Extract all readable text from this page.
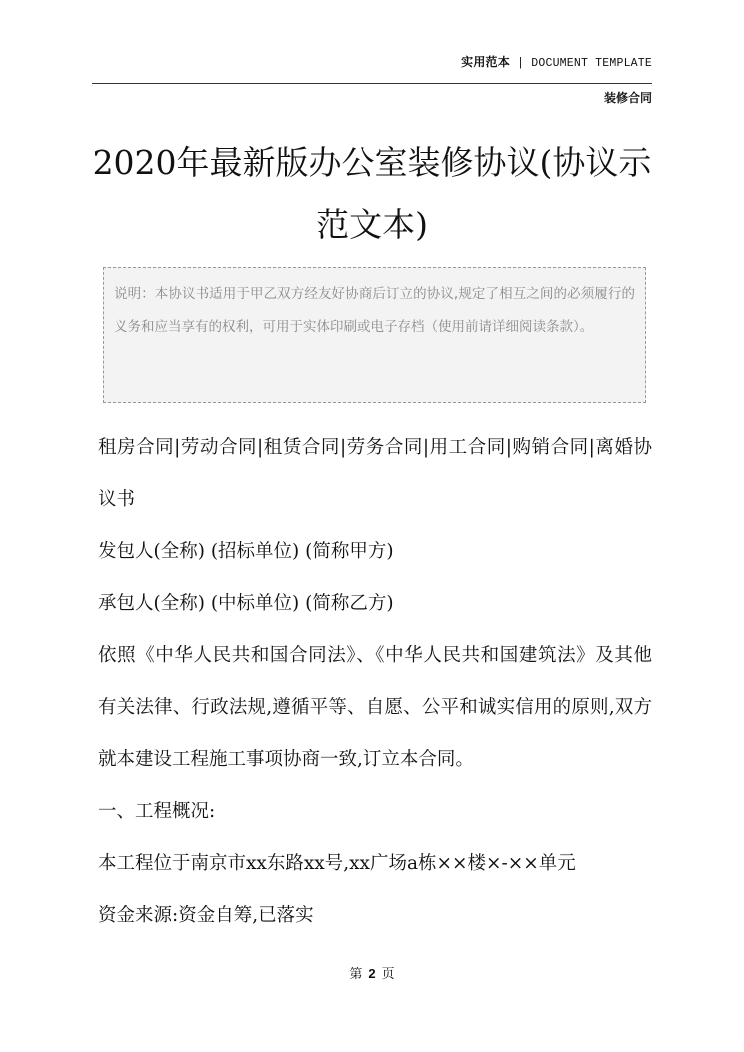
实用范本 | DOCUMENT TEMPLATE
装修合同
2020年最新版办公室装修协议(协议示范文本)
说明：本协议书适用于甲乙双方经友好协商后订立的协议,规定了相互之间的必须履行的义务和应当享有的权利，可用于实体印刷或电子存档（使用前请详细阅读条款）。

租房合同|劳动合同|租赁合同|劳务合同|用工合同|购销合同|离婚协议书

发包人(全称) (招标单位) (简称甲方)

承包人(全称) (中标单位) (简称乙方)

依照《中华人民共和国合同法》、《中华人民共和国建筑法》及其他有关法律、行政法规,遵循平等、自愿、公平和诚实信用的原则,双方就本建设工程施工事项协商一致,订立本合同。

一、工程概况:

本工程位于南京市xx东路xx号,xx广场a栋××楼×-××单元

资金来源:资金自筹,已落实

第 2 页
